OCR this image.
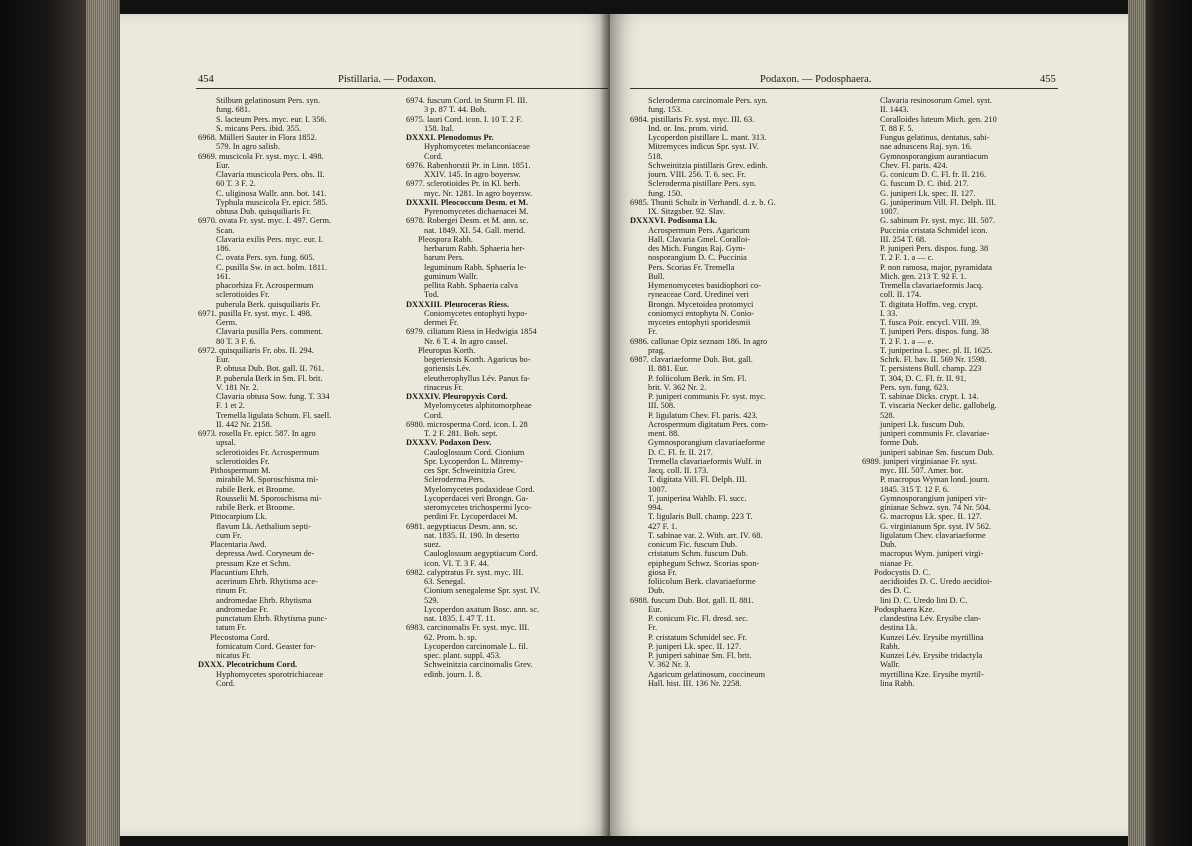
454	Pistillaria. — Podaxon.
Stilbum gelatinosum Pers. syn.
fung. 681.
S. lacteum Pers. myc. eur. I. 356.
S. micans Pers. ibid. 355.
6968. Mülleri Sauter in Flora 1852.
579. In agro salisb.
6969. muscicola Fr. syst. myc. I. 498.
Eur.
Clavaria muscicola Pers. obs. II.
60 T. 3 F. 2.
C. uliginosa Wallr. ann. bot. 141.
Typhula muscicola Fr. epicr. 585.
obtusa Dub. quisquiliaris Fr.
6970. ovata Fr. syst. myc. I. 497. Germ.
Scan.
Clavaria exilis Pers. myc. eur. I.
186.
C. ovata Pers. syn. fung. 605.
C. pusilla Sw. in act. holm. 1811.
161.
phacorhiza Fr. Acrospermum
sclerotioides Fr.
puberula Berk. quisquiliaris Fr.
6971. pusilla Fr. syst. myc. I. 498.
Germ.
Clavaria pusilla Pers. comment.
80 T. 3 F. 6.
6972. quisquiliaris Fr. obs. II. 294.
Eur.
P. obtusa Dub. Bot. gall. II. 761.
P. puberula Berk in Sm. Fl. brit.
V. 181 Nr. 2.
Clavaria obtusa Sow. fung. T. 334
F. 1 et 2.
Tremella ligulata Schum. Fl. saell.
II. 442 Nr. 2158.
6973. rosella Fr. epicr. 587. In agro
upsal.
sclerotioides Fr. Acrospermum
sclerotioides Fr.
Pithospermum M.
mirabile M. Sporoschisma mi-
rabile Berk. et Broome.
Rousselii M. Sporoschisma mi-
rabile Berk. et Broome.
Pittocarpium Lk.
flavum Lk. Aethalium septi-
cum Fr.
Placentaria Awd.
depressa Awd. Coryneum de-
pressum Kze et Schm.
Placuntium Ehrb.
acerinum Ehrb. Rhytisma ace-
rinum Fr.
andromedae Ehrb. Rhytisma
andromedae Fr.
punctatum Ehrb. Rhytisma punc-
tatum Fr.
Plecostoma Cord.
fornicatum Cord. Geaster for-
nicatus Fr.
DXXX. Plecotrichum Cord.
Hyphomycetes sporotrichiaceae
Cord.
6974. fuscum Cord. in Sturm Fl. III.
3 p. 87 T. 44. Boh.
6975. lauri Cord. icon. I. 10 T. 2 F.
158. Ital.
DXXXI. Plenodomus Pr.
Hyphomycetes melanconiaceae
Cord.
6976. Rabenhorstii Pr. in Linn. 1851.
XXIV. 145. In agro boyersw.
6977. sclerotioides Pr. in Kl. herb.
myc. Nr. 1281. In agro boyersw.
DXXXII. Pleococcum Desm. et M.
Pyrenomycetes dichaenacei M.
6978. Robergei Desm. et M. ann. sc.
nat. 1849. XI. 54. Gall. merid.
Pleospora Rabh.
herbarum Rabh. Sphaeria her-
barum Pers.
leguminum Rabh. Sphaeria le-
guminum Wallr.
pellita Rabh. Sphaeria calva
Tod.
DXXXIII. Pleuroceras Riess.
Coniomycetes entophyti hypo-
dermei Fr.
6979. ciliatum Riess in Hedwigia 1854
Nr. 6 T. 4. In agro cassel.
Pleuropus Korth.
begeriensis Korth. Agaricus bo-
goriensis Lév.
eleutherophyllus Lév. Panus fa-
rinaceus Fr.
DXXXIV. Pleuropyxis Cord.
Myelomycetes alphitomorpheae
Cord.
6980. microsperma Cord. icon. I. 28
T. 2 F. 281. Boh. sept.
DXXXV. Podaxon Desv.
Cauloglossum Cord. Cionium
Spr. Lycoperdon L. Mitremy-
ces Spr. Schweinitzia Grev.
Scleroderma Pers.
Myelomycetes podaxideae Cord.
Lycoperdacei veri Brongn. Ga-
steromycetes trichospermi lyco-
perdini Fr. Lycoperdacei M.
6981. aegyptiacus Desm. ann. sc.
nat. 1835. II. 190. In deserto
suez.
Cauloglossum aegyptiacum Cord.
icon. VI. T. 3 F. 44.
6982. calyptratus Fr. syst. myc. III.
63. Senegal.
Cionium senegalense Spr. syst. IV.
529.
Lycoperdon axatum Bosc. ann. sc.
nat. 1835. I. 47 T. 11.
6983. carcinomalis Fr. syst. myc. III.
62. Prom. b. sp.
Lycoperdon carcinomale L. fil.
spec. plant. suppl. 453.
Schweinitzia carcinomalis Grev.
edinb. journ. I. 8.
Podaxon. — Podosphaera.	455
Scleroderma carcinomale Pers. syn.
fung. 153.
6984. pistillaris Fr. syst. myc. III. 63.
Ind. or. Ins. prom. virid.
Lycoperdon pistillare L. mant. 313.
Mitremyces indicus Spr. syst. IV.
518.
Schweinitzia pistillaris Grev. edinb.
journ. VIII. 256. T. 6. sec. Fr.
Scleroderma pistillare Pers. syn.
fung. 150.
6985. Thunii Schulz in Verhandl. d. z. b. G.
IX. Sitzgsber. 92. Slav.
DXXXVI. Podisoma Lk.
Acrospermum Pers. Agaricum
Hall. Clavaria Gmel. Coralloi-
des Mich. Fungus Raj. Gym-
nosporangium D. C. Puccinia
Pers. Scorias Fr. Tremella
Bull.
Hymenomycetes basidiophori co-
ryneaceae Cord. Uredinei veri
Brongn. Mycetoidea protomyci
coniomyci entophyta N. Conio-
mycetes entophyti sporidesmii
Fr.
6986. callunae Opiz seznam 186. In agro
prag.
6987. clavariaeforme Dub. Bot. gall.
II. 881. Eur.
P. foliicolum Berk. in Sm. Fl.
brit. V. 362 Nr. 2.
P. juniperi communis Fr. syst. myc.
III. 508.
P. ligulatum Chev. Fl. paris. 423.
Acrospermum digitatum Pers. com-
ment. 88.
Gymnosporangium clavariaeforme
D. C. Fl. fr. II. 217.
Tremella clavariaeformis Wulf. in
Jacq. coll. II. 173.
T. digitata Vill. Fl. Delph. III.
1007.
T. juniperina Wahlb. Fl. succ.
994.
T. ligularis Bull. champ. 223 T.
427 F. 1.
T. sabinae var. 2. With. arr. IV. 68.
conicum Fic. fuscum Dub.
cristatum Schm. fuscum Dub.
epiphegum Schwz. Scorias spon-
giosa Fr.
foliicolum Berk. clavariaeforme
Dub.
6988. fuscum Dub. Bot. gall. II. 881.
Eur.
P. conicum Fic. Fl. dresd. sec.
Fr.
P. cristatum Schmidel sec. Fr.
P. juniperi Lk. spec. II. 127.
P. juniperi sabinae Sm. Fl. brit.
V. 362 Nr. 3.
Agaricum gelatinosum, coccineum
Hall. hist. III. 136 Nr. 2258.
Clavaria resinosorum Gmel. syst.
II. 1443.
Coralloides luteum Mich. gen. 210
T. 88 F. 5.
Fungus gelatinus, dentatus, sabi-
nae adnascens Raj. syn. 16.
Gymnosporangium aurantiacum
Chev. Fl. paris. 424.
G. conicum D. C. Fl. fr. II. 216.
G. fuscum D. C. ibid. 217.
G. juniperi Lk. spec. II. 127.
G. juniperinum Vill. Fl. Delph. III.
1007.
G. sabinum Fr. syst. myc. III. 507.
Puccinia cristata Schmidel icon.
III. 254 T. 68.
P. juniperi Pers. dispos. fung. 38
T. 2 F. 1. a — c.
P. non ramosa, major, pyramidata
Mich. gen. 213 T. 92 F. 1.
Tremella clavariaeformis Jacq.
coll. II. 174.
T. digitata Hoffm. veg. crypt.
I. 33.
T. fusca Poir. encycl. VIII. 39.
T. juniperi Pers. dispos. fung. 38
T. 2 F. 1. a — e.
T. juniperina L. spec. pl. II. 1625.
Schrk. Fl. bav. II. 569 Nr. 1598.
T. persistens Bull. champ. 223
T. 304, D. C. Fl. fr. II. 91,
Pers. syn. fung. 623.
T. sabinae Dicks. crypt. I. 14.
T. viscaria Necker delic. gallobelg.
528.
juniperi Lk. fuscum Dub.
juniperi communis Fr. clavariae-
forme Dub.
juniperi sabinae Sm. fuscum Dub.
6989. juniperi virginianae Fr. syst.
myc. III. 507. Amer. bor.
P. macropus Wyman lond. journ.
1845. 315 T. 12 F. 6.
Gymnosporangium juniperi vir-
ginianae Schwz. syn. 74 Nr. 504.
G. macropus Lk. spec. II. 127.
G. virginianum Spr. syst. IV 562.
ligulatum Chev. clavariaeforme
Dub.
macropus Wym. juniperi virgi-
nianae Fr.
Podocystis D. C.
aecidioides D. C. Uredo aecidioi-
des D. C.
lini D. C. Uredo lini D. C.
Podosphaera Kze.
clandestina Lév. Erysibe clan-
destina Lk.
Kunzei Lév. Erysibe myrtillina
Rabh.
Kunzei Lév. Erysibe tridactyla
Wallr.
myrtillina Kze. Erysibe myrtil-
lina Rabh.
